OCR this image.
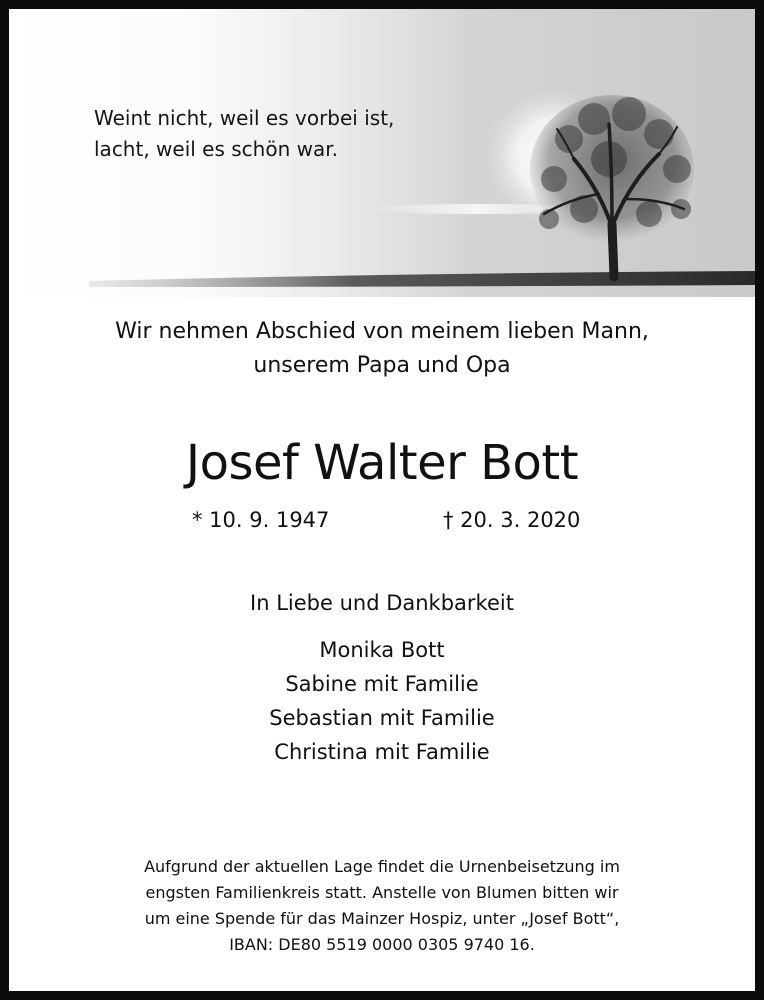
Weint nicht, weil es vorbei ist,
lacht, weil es schön war.

Wir nehmen Abschied von meinem lieben Mann,
unserem Papa und Opa
Josef Walter Bott
* 10. 9. 1947	† 20. 3. 2020
In Liebe und Dankbarkeit
Monika Bott
Sabine mit Familie
Sebastian mit Familie
Christina mit Familie
Aufgrund der aktuellen Lage findet die Urnenbeisetzung im
engsten Familienkreis statt. Anstelle von Blumen bitten wir
um eine Spende für das Mainzer Hospiz, unter „Josef Bott“,
IBAN: DE80 5519 0000 0305 9740 16.
